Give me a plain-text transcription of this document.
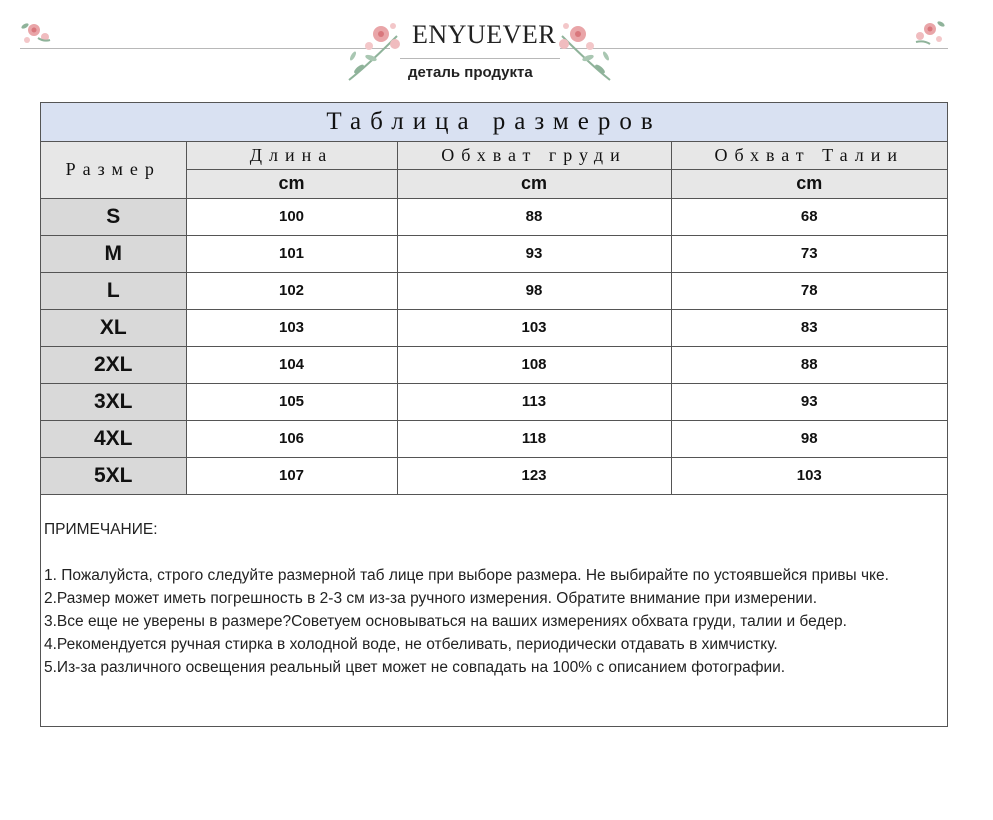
ENYUEVER
деталь продукта
Таблица размеров			
Размер	Длина	Обхват груди	Обхват Талии
	cm	cm	cm
S	100	88	68
M	101	93	73
L	102	98	78
XL	103	103	83
2XL	104	108	88
3XL	105	113	93
4XL	106	118	98
5XL	107	123	103

ПРИМЕЧАНИЕ:

1. Пожалуйста, строго следуйте размерной таб лице при выборе размера. Не выбирайте по устоявшейся привы чке.

2.Размер может иметь погрешность в 2-3 см из-за ручного измерения. Обратите внимание при измерении.

3.Все еще не уверены в размере?Советуем основываться на ваших измерениях обхвата груди, талии и бедер.

4.Рекомендуется ручная стирка в холодной воде, не отбеливать, периодически отдавать в химчистку.

5.Из-за различного освещения реальный цвет может не совпадать на 100% с описанием фотографии.
